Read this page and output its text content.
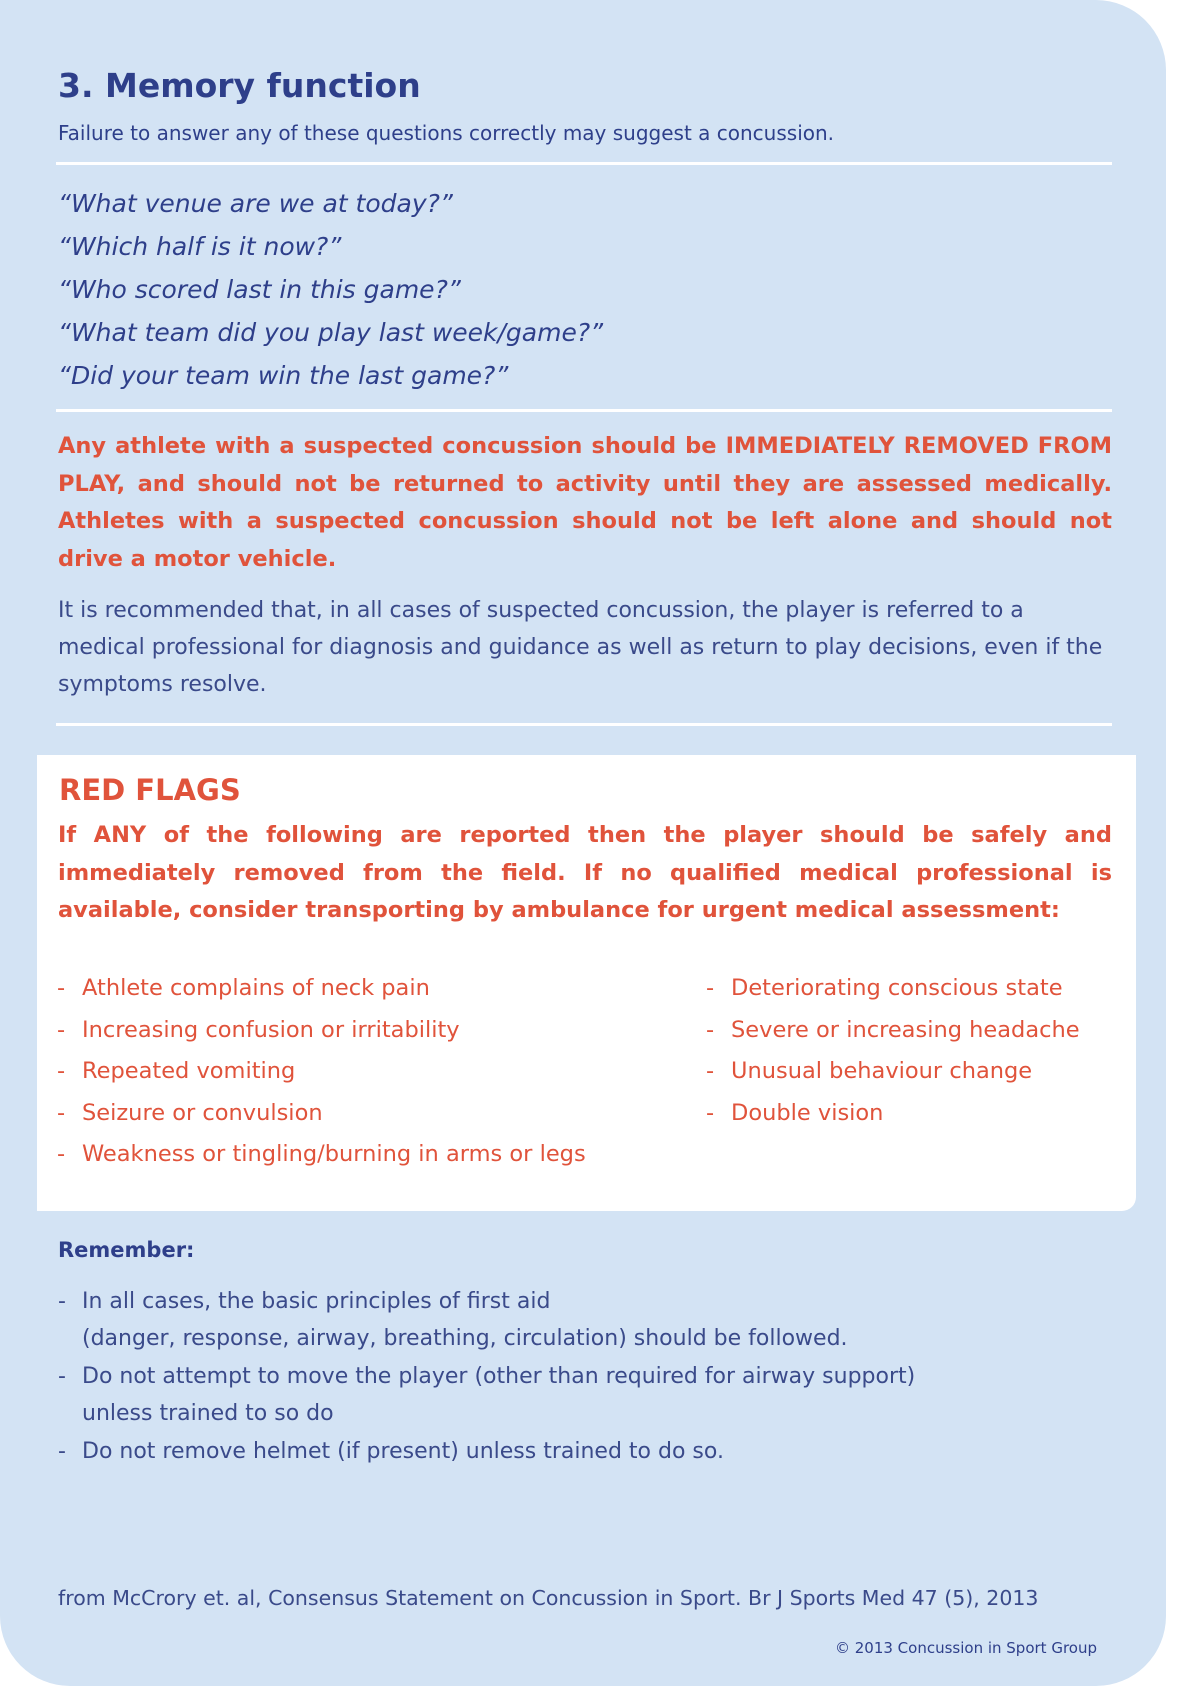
3. Memory function

Failure to answer any of these questions correctly may suggest a concussion.

“What venue are we at today?”
“Which half is it now?”
“Who scored last in this game?”
“What team did you play last week/game?”
“Did your team win the last game?”

Any athlete with a suspected concussion should be IMMEDIATELY REMOVED FROM PLAY, and should not be returned to activity until they are assessed medically. Athletes with a suspected concussion should not be left alone and should not drive a motor vehicle.

It is recommended that, in all cases of suspected concussion, the player is referred to a medical professional for diagnosis and guidance as well as return to play decisions, even if the symptoms resolve.

RED FLAGS

If ANY of the following are reported then the player should be safely and immediately removed from the field. If no qualified medical professional is available, consider transporting by ambulance for urgent medical assessment:

- Athlete complains of neck pain
- Increasing confusion or irritability
- Repeated vomiting
- Seizure or convulsion
- Weakness or tingling/burning in arms or legs
- Deteriorating conscious state
- Severe or increasing headache
- Unusual behaviour change
- Double vision
Remember:
- In all cases, the basic principles of first aid
(danger, response, airway, breathing, circulation) should be followed.
- Do not attempt to move the player (other than required for airway support)
unless trained to so do
- Do not remove helmet (if present) unless trained to do so.

from McCrory et. al, Consensus Statement on Concussion in Sport. Br J Sports Med 47 (5), 2013

© 2013 Concussion in Sport Group
